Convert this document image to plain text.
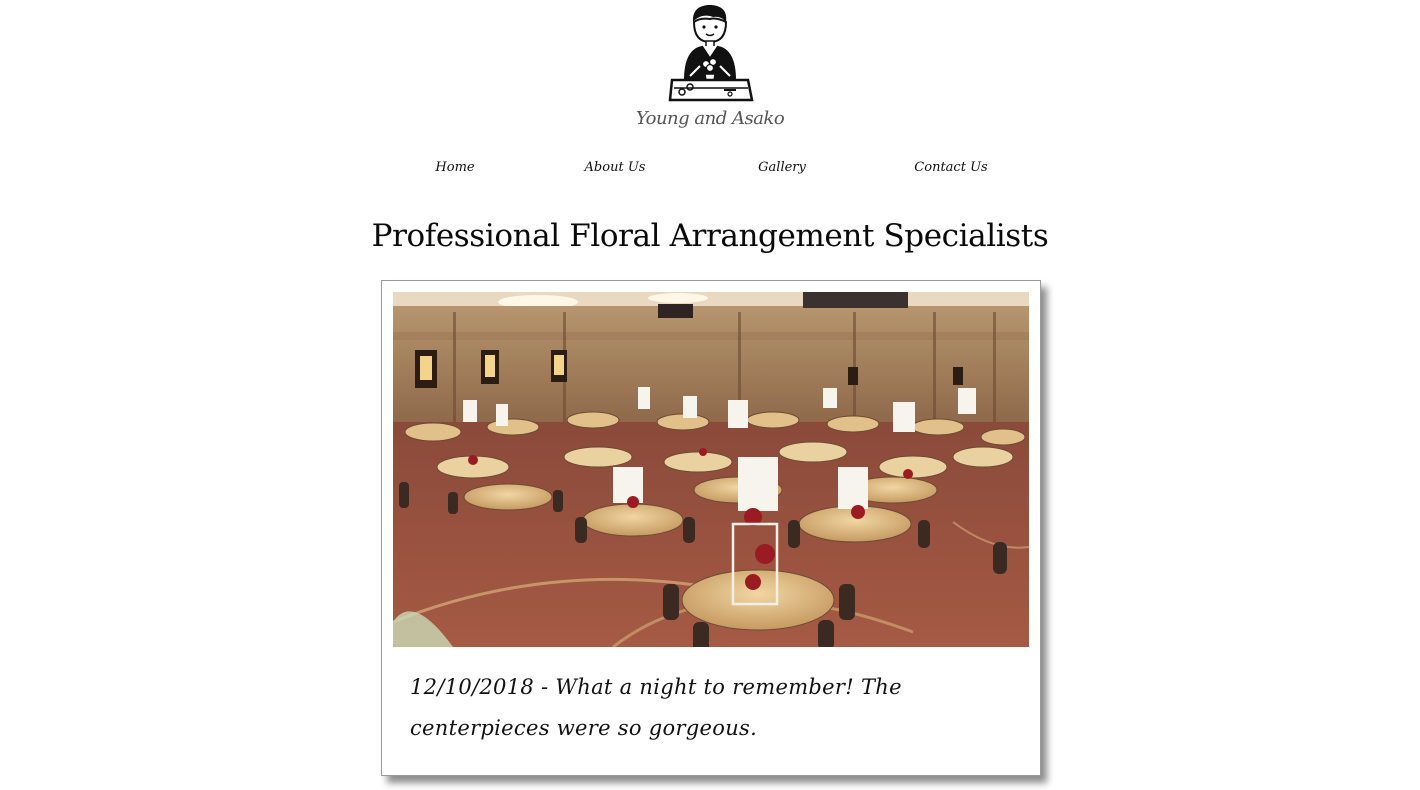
Young and Asako
Home	About Us	Gallery	Contact Us
Professional Floral Arrangement Specialists
12/10/2018 - What a night to remember! The centerpieces were so gorgeous.
